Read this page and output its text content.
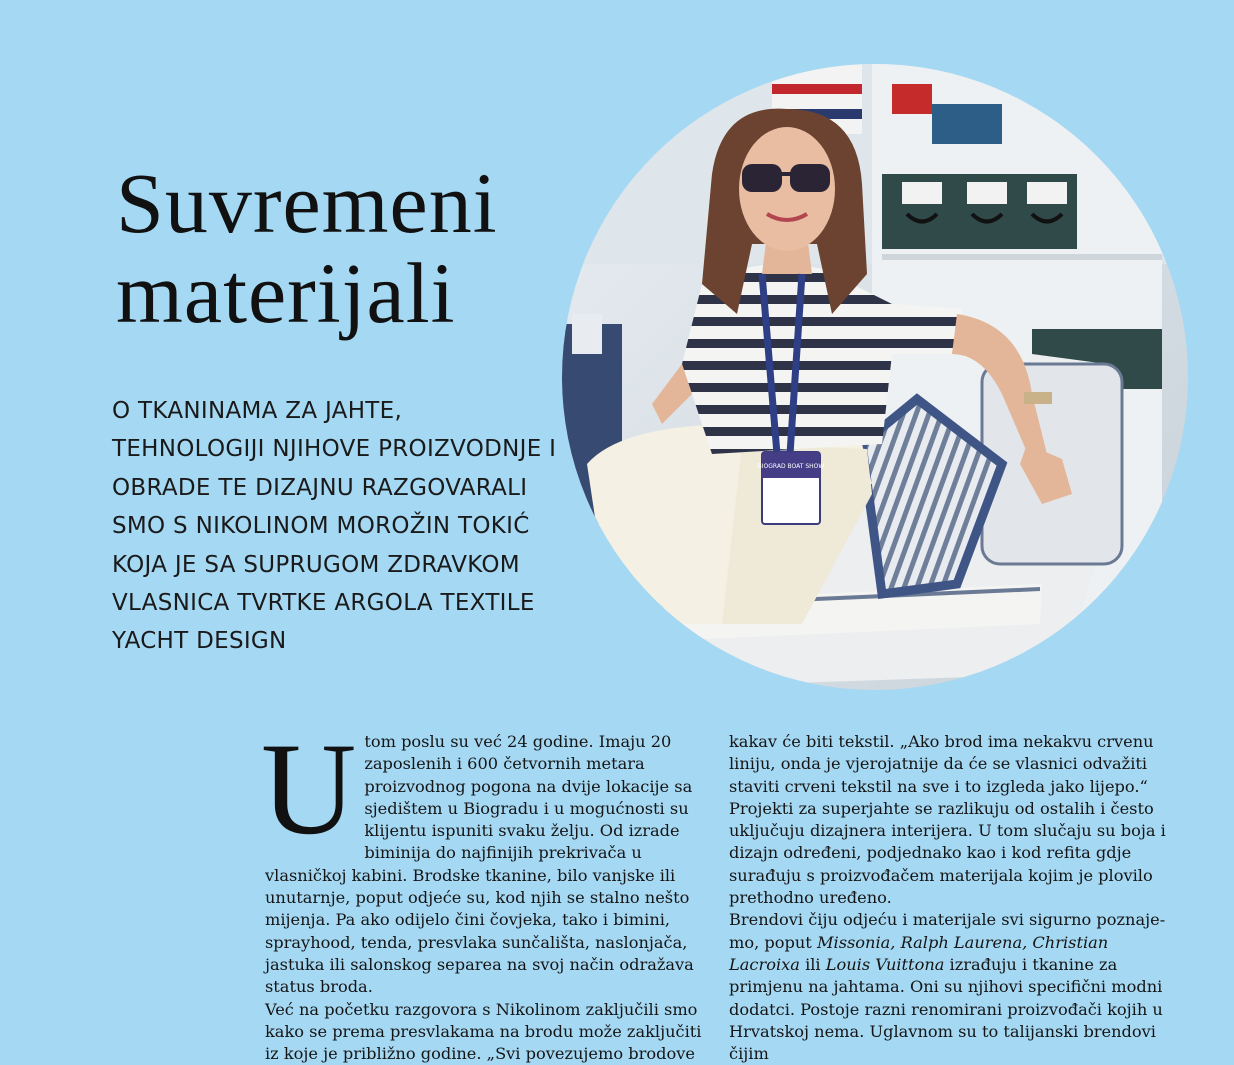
Suvremeni
materijali

O TKANINAMA ZA JAHTE, TEHNOLOGIJI NJIHOVE PROIZVODNJE I OBRADE TE DIZAJNU RAZGOVARALI SMO S NIKOLINOM MOROŽIN TOKIĆ KOJA JE SA SUPRUGOM ZDRAVKOM VLASNICA TVRTKE ARGOLA TEXTILE YACHT DESIGN

BIOGRAD BOAT SHOW

Utom poslu su već 24 godine. Imaju 20 zaposlenih i 600 četvornih metara proizvodnog pogona na dvije lokacije sa sjedištem u Biogradu i u mogućnosti su klijentu ispuniti svaku želju. Od izrade biminija do najfinijih prekrivača u vlasničkoj kabini. Brodske tkanine, bilo vanjske ili unutarnje, poput odjeće su, kod njih se stalno nešto mijenja. Pa ako odijelo čini čovjeka, tako i bimini, sprayhood, tenda, presvlaka sunčališta, naslonjača, jastuka ili salonskog separea na svoj način odražava status broda.

Već na početku razgovora s Nikolinom zaključili smo kako se prema presvlakama na brodu može zaključiti iz koje je približno godine. „Svi povezujemo brodove

kakav će biti tekstil. „Ako brod ima nekakvu crvenu liniju, onda je vjerojatnije da će se vlasnici odvažiti staviti crveni tekstil na sve i to izgleda jako lijepo.“ Projekti za superjahte se razlikuju od ostalih i često uključuju dizajnera interijera. U tom slučaju su boja i dizajn određeni, podjednako kao i kod refita gdje surađuju s proizvođačem materijala kojim je plovilo prethodno uređeno.

Brendovi čiju odjeću i materijale svi sigurno poznaje-mo, poput Missonia, Ralph Laurena, Christian Lacroixa ili Louis Vuittona izrađuju i tkanine za primjenu na jahtama. Oni su njihovi specifični modni dodatci. Postoje razni renomirani proizvođači kojih u Hrvatskoj nema. Uglavnom su to talijanski brendovi čijim
